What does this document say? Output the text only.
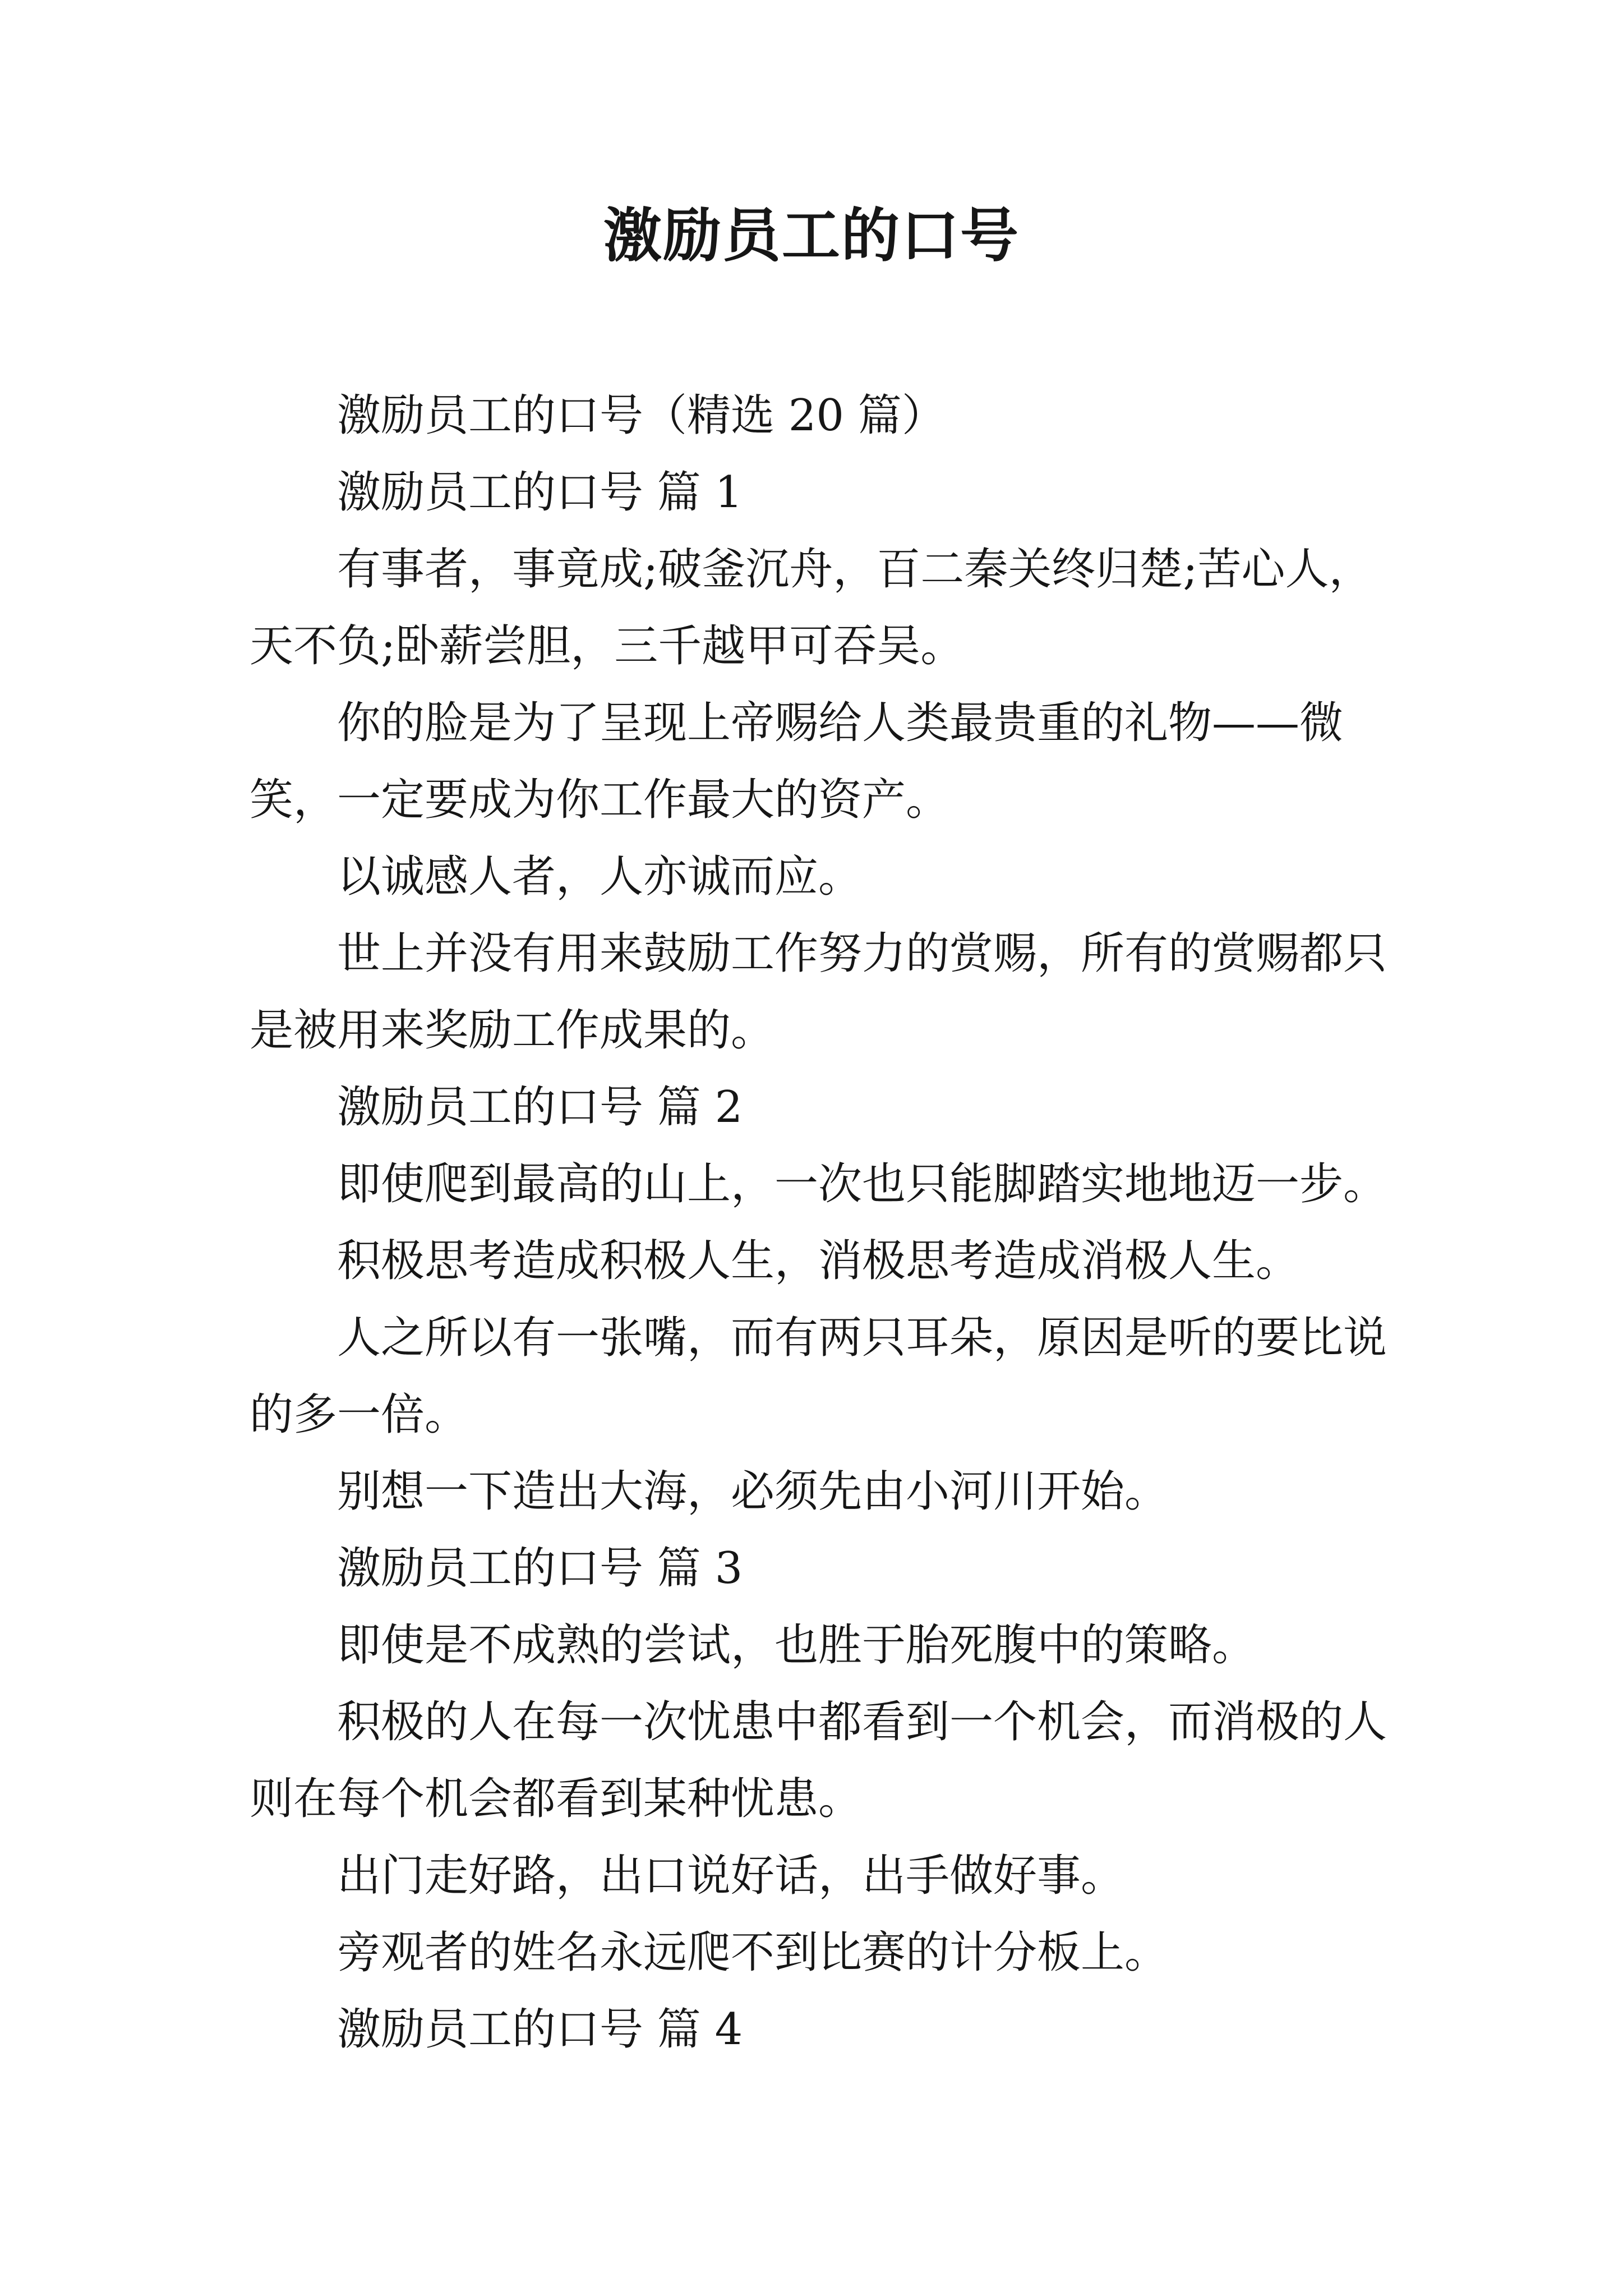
激励员工的口号
激励员工的口号（精选 20 篇）
激励员工的口号 篇 1
有事者，事竟成;破釜沉舟，百二秦关终归楚;苦心人，
天不负;卧薪尝胆，三千越甲可吞吴。
你的脸是为了呈现上帝赐给人类最贵重的礼物——微
笑，一定要成为你工作最大的资产。
以诚感人者，人亦诚而应。
世上并没有用来鼓励工作努力的赏赐，所有的赏赐都只
是被用来奖励工作成果的。
激励员工的口号 篇 2
即使爬到最高的山上，一次也只能脚踏实地地迈一步。
积极思考造成积极人生，消极思考造成消极人生。
人之所以有一张嘴，而有两只耳朵，原因是听的要比说
的多一倍。
别想一下造出大海，必须先由小河川开始。
激励员工的口号 篇 3
即使是不成熟的尝试，也胜于胎死腹中的策略。
积极的人在每一次忧患中都看到一个机会，而消极的人
则在每个机会都看到某种忧患。
出门走好路，出口说好话，出手做好事。
旁观者的姓名永远爬不到比赛的计分板上。
激励员工的口号 篇 4
